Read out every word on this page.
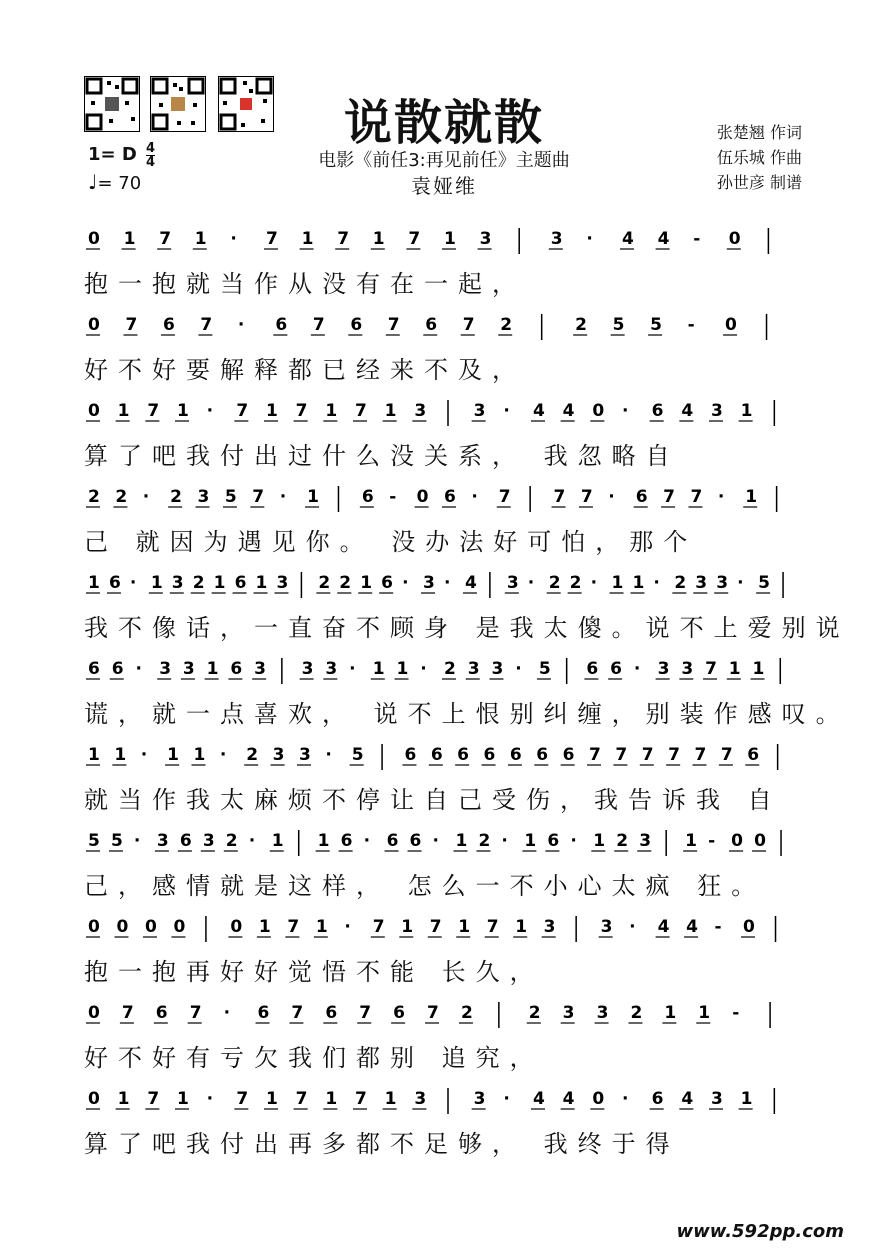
说散就散
电影《前任3:再见前任》主题曲
袁娅维
1= D $\frac{4}{4}$
♩= 70
张楚翘 作词
伍乐城 作曲
孙世彦 制谱
0 1 7 1 · 7 1 7 1 7 1 3	3 · 4 4 - 0
抱一抱就当作从没有在一起，
0 7 6 7 · 6 7 6 7 6 7 2	2 5 5 - 0
好不好要解释都已经来不及，
0 1 7 1 · 7 1 7 1 7 1 3	3 · 4 4 0 · 6 4 3 1
算了吧我付出过什么没关系， 我忽略自
2 2 · 2 3 5 7 · 1	6 - 0 6 · 7	7 7 · 6 7 7 · 1
己 就因为遇见你。 没办法好可怕，那个
1 6 · 1 3 2 1 6 1 3 2 2 1 6 · 3 · 4 3 · 2 2 · 1 1 · 2 3 3 · 5
我不像话，一直奋不顾身 是我太傻。说不上爱别说
6 6 · 3 3 1 6 3 3 3 · 1 1 · 2 3 3 · 5 6 6 · 3 3 7 1 1
谎，就一点喜欢， 说不上恨别纠缠，别装作感叹。
1 1 · 1 1 · 2 3 3 · 5 6 6 6 6 6 6 6 7 7 7 7 7 7 6
就当作我太麻烦不停让自己受伤，我告诉我 自
5 5 · 3 6 3 2 · 1 1 6 · 6 6 · 1 2 · 1 6 · 1 2 3 1 - 0 0
己，感情就是这样， 怎么一不小心太疯 狂。
0 0 0 0	0 1 7 1 · 7 1 7 1 7 1 3	3 · 4 4 - 0
抱一抱再好好觉悟不能 长久，
0 7 6 7 · 6 7 6 7 6 7 2	2 3 3 2 1 1 -
好不好有亏欠我们都别 追究，
0 1 7 1 · 7 1 7 1 7 1 3	3 · 4 4 0 · 6 4 3 1
算了吧我付出再多都不足够， 我终于得
www.592pp.com
